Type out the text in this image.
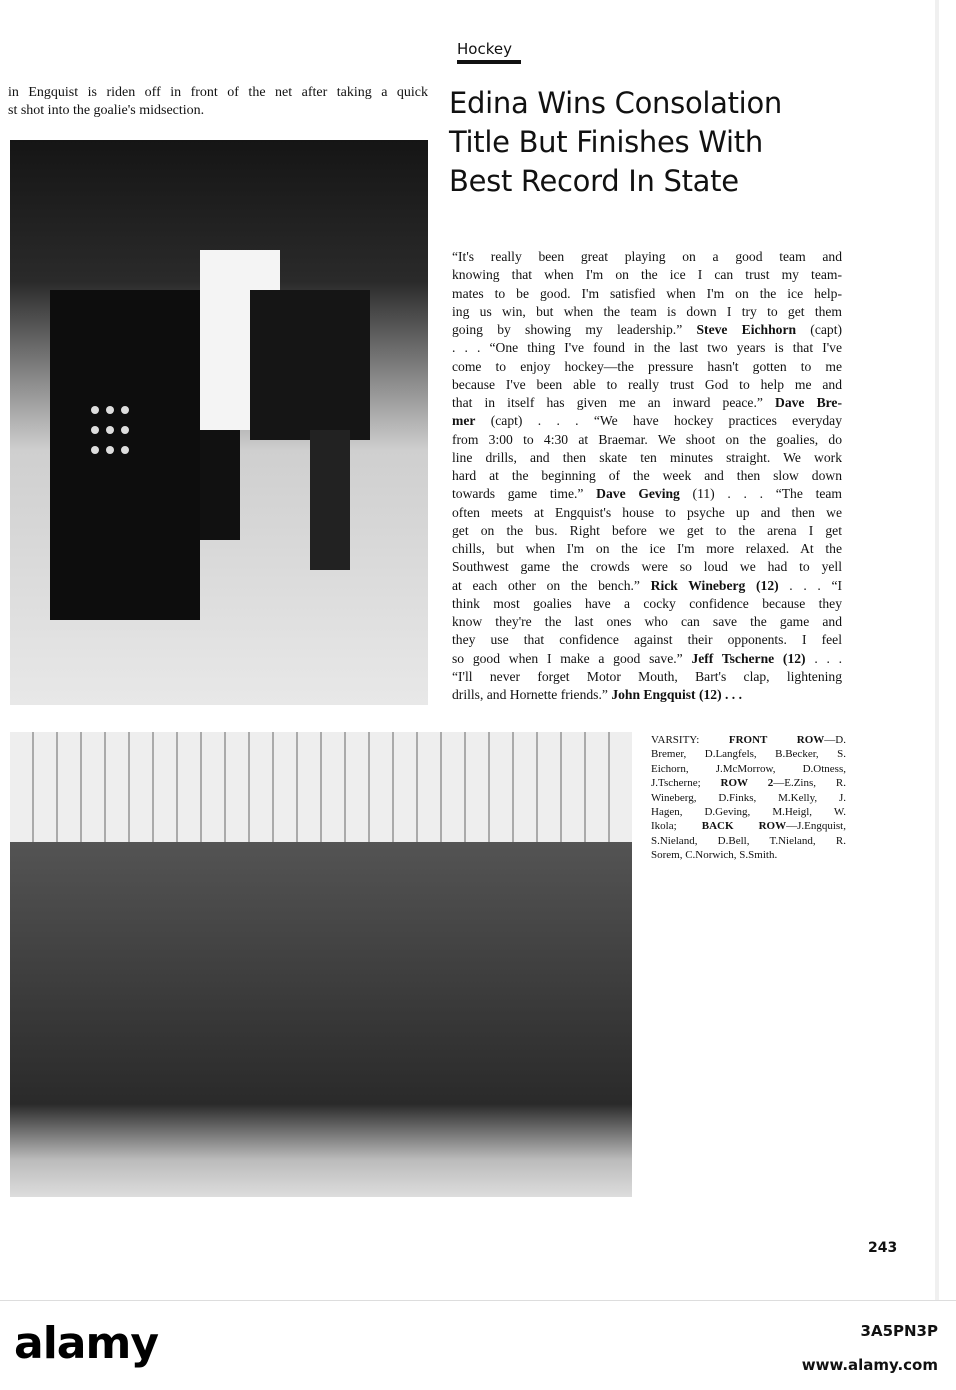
Hockey
in Engquist is riden off in front of the net after taking a quick
st shot into the goalie's midsection.	Edina Wins Consolation
Title But Finishes With
Best Record In State
“It's really been great playing on a good team and
knowing that when I'm on the ice I can trust my team-
mates to be good. I'm satisfied when I'm on the ice help-
ing us win, but when the team is down I try to get them
going by showing my leadership.” Steve Eichhorn (capt)
. . . “One thing I've found in the last two years is that I've
come to enjoy hockey—the pressure hasn't gotten to me
because I've been able to really trust God to help me and
that in itself has given me an inward peace.” Dave Bre-
mer (capt) . . . “We have hockey practices everyday
from 3:00 to 4:30 at Braemar. We shoot on the goalies, do
line drills, and then skate ten minutes straight. We work
hard at the beginning of the week and then slow down
towards game time.” Dave Geving (11) . . . “The team
often meets at Engquist's house to psyche up and then we
get on the bus. Right before we get to the arena I get
chills, but when I'm on the ice I'm more relaxed. At the
Southwest game the crowds were so loud we had to yell
at each other on the bench.” Rick Wineberg (12) . . . “I
think most goalies have a cocky confidence because they
know they're the last ones who can save the game and
they use that confidence against their opponents. I feel
so good when I make a good save.” Jeff Tscherne (12) . . .
“I'll never forget Motor Mouth, Bart's clap, lightening
drills, and Hornette friends.” John Engquist (12) . . .
VARSITY: FRONT ROW—D.
Bremer, D.Langfels, B.Becker, S.
Eichorn, J.McMorrow, D.Otness,
J.Tscherne; ROW 2—E.Zins, R.
Wineberg, D.Finks, M.Kelly, J.
Hagen, D.Geving, M.Heigl, W.
Ikola; BACK ROW—J.Engquist,
S.Nieland, D.Bell, T.Nieland, R.
Sorem, C.Norwich, S.Smith.
243
alamy	3A5PN3P
www.alamy.com
